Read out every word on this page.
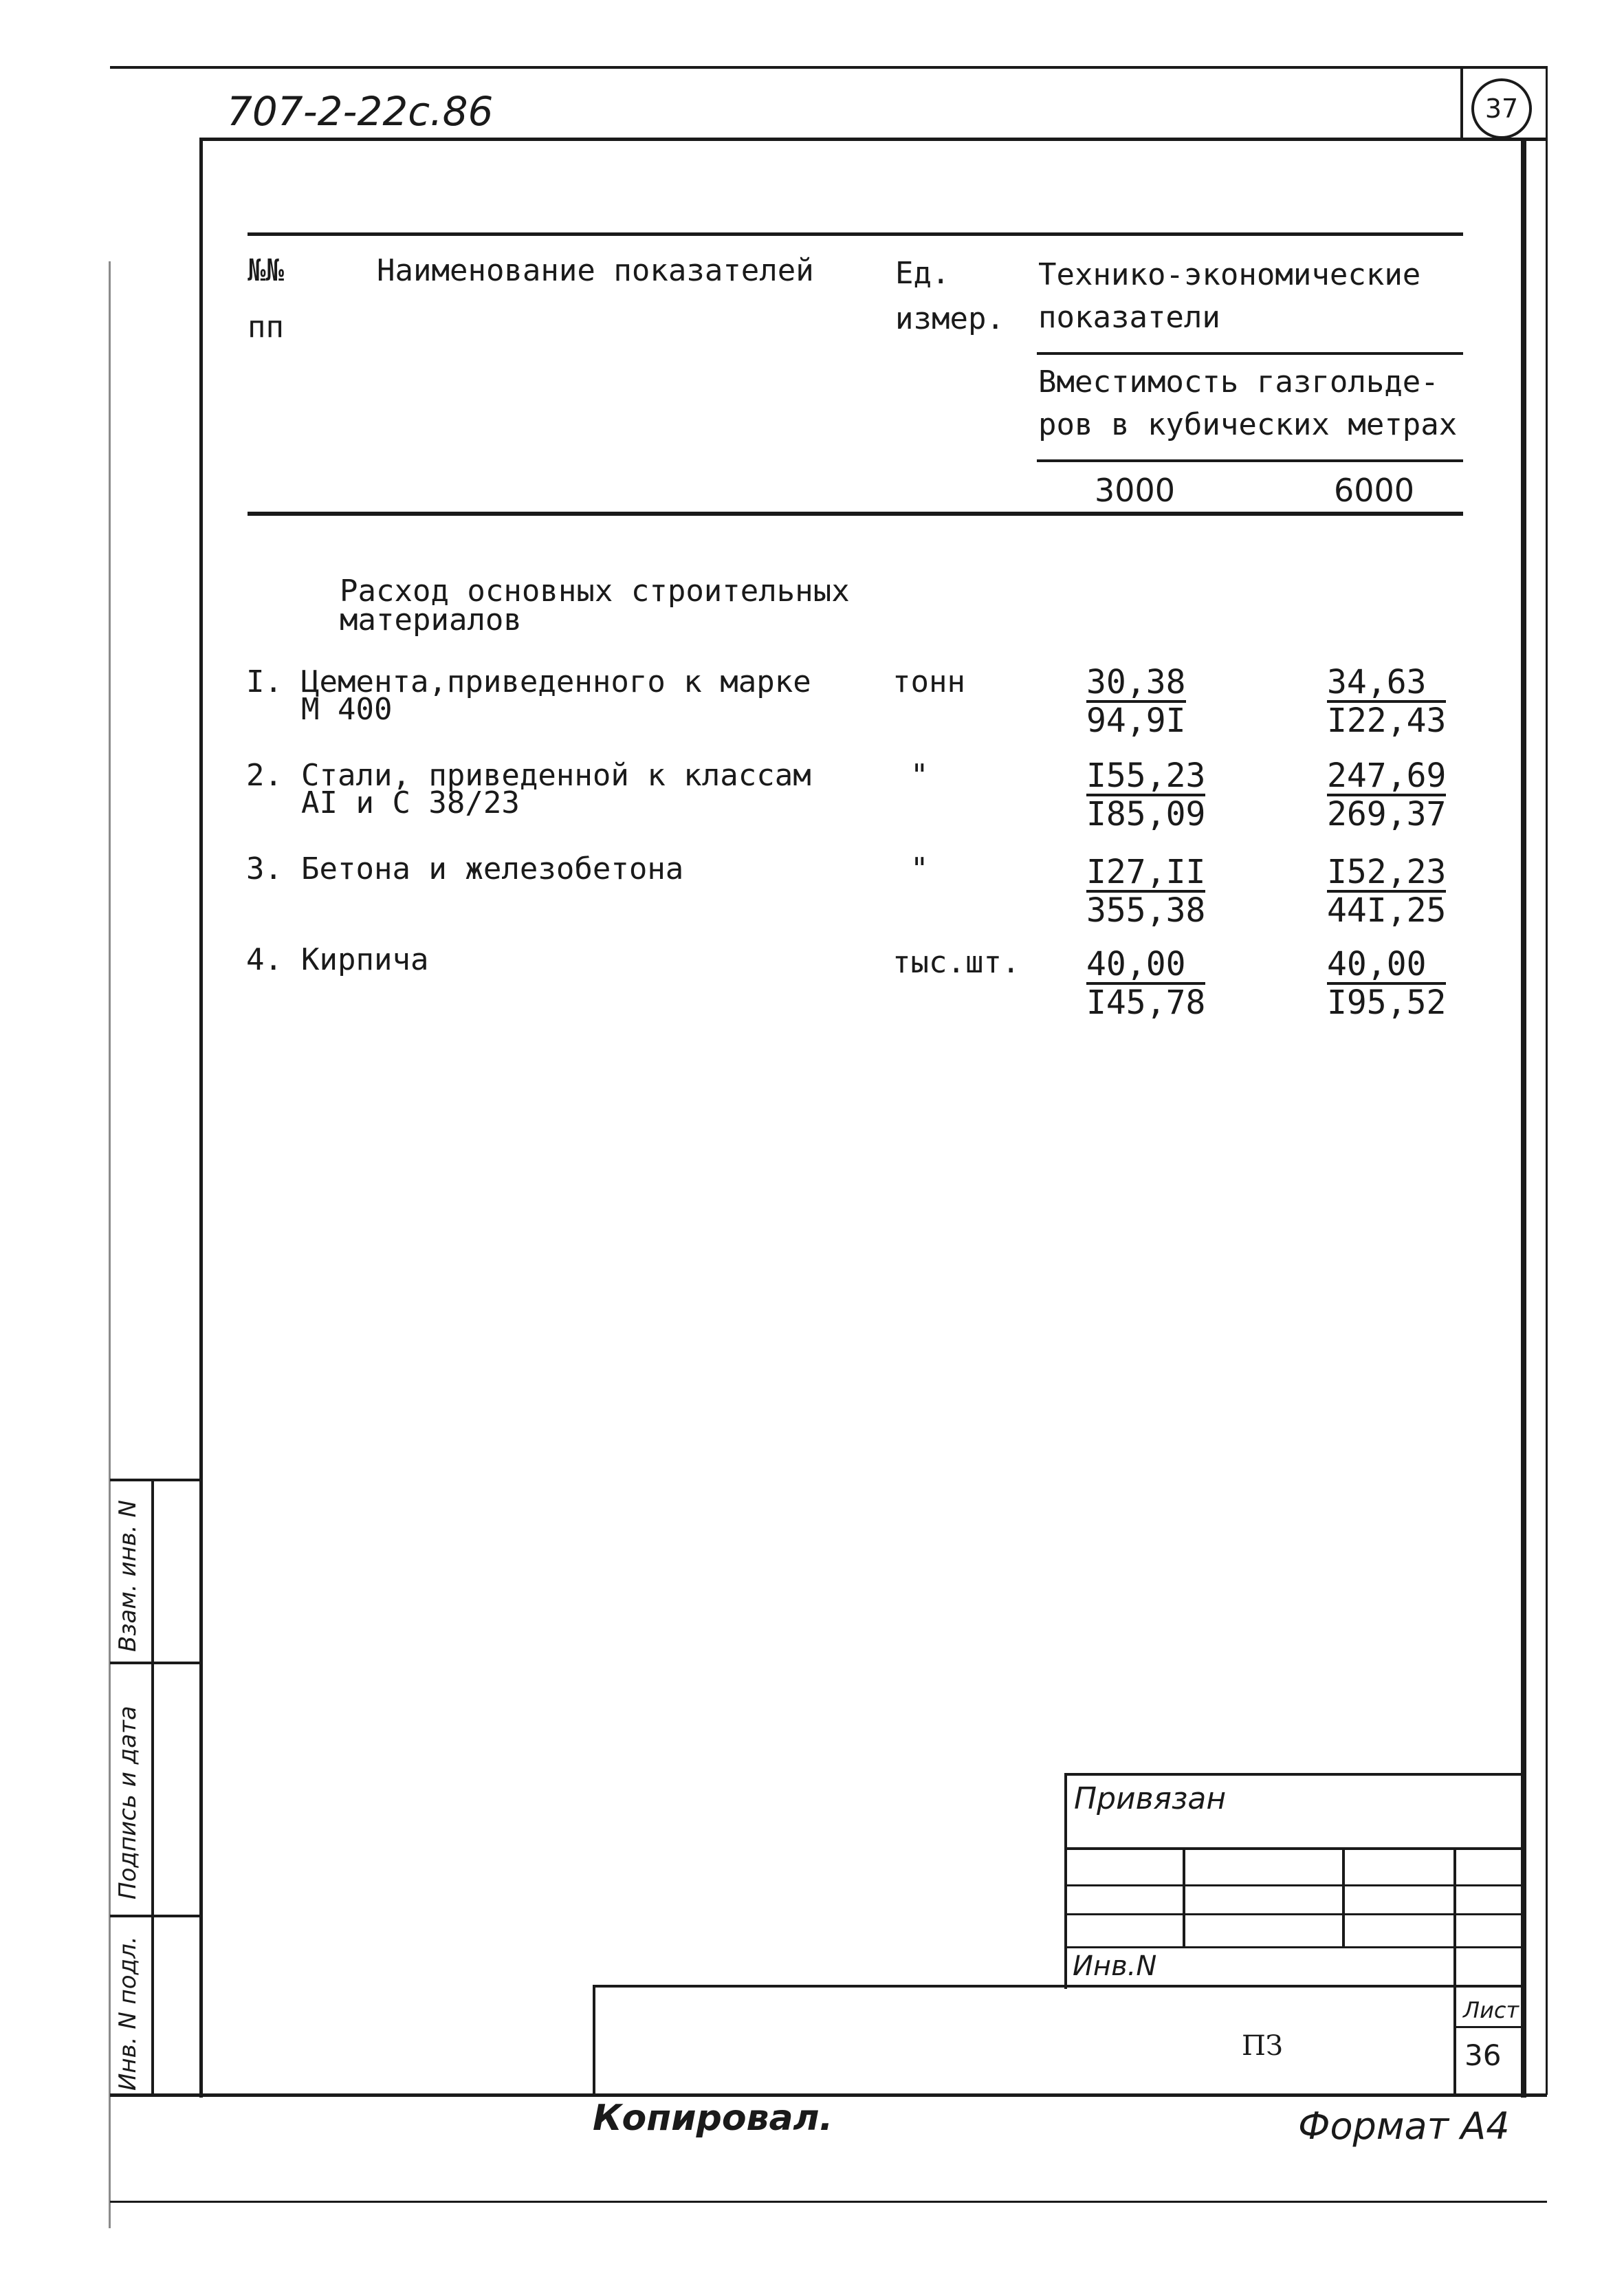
707-2-22с.86	37
№№
пп
Наименование показателей	Ед.
измер.
Технико-экономические
показатели
Вместимость газгольде-
ров в кубических метрах
3000	6000
Расход основных строительных
материалов
I. Цемента,приведенного к марке
М 400
тонн	$\frac{30,38}{94,9I}$	$\frac{34,63}{I22,43}$
2. Стали, приведенной к классам
АI и С 38/23
"	$\frac{I55,23}{I85,09}$	$\frac{247,69}{269,37}$
3. Бетона и железобетона	"	$\frac{I27,II}{355,38}$	$\frac{I52,23}{44I,25}$
4. Кирпича	тыс.шт. $\frac{40,00}{I45,78}$	$\frac{40,00}{I95,52}$
Взам. инв. N
Подпись и дата
Инв. N подл.
Привязан
Инв.N
ПЗ
Лист
36
Копировал.	Формат А4
